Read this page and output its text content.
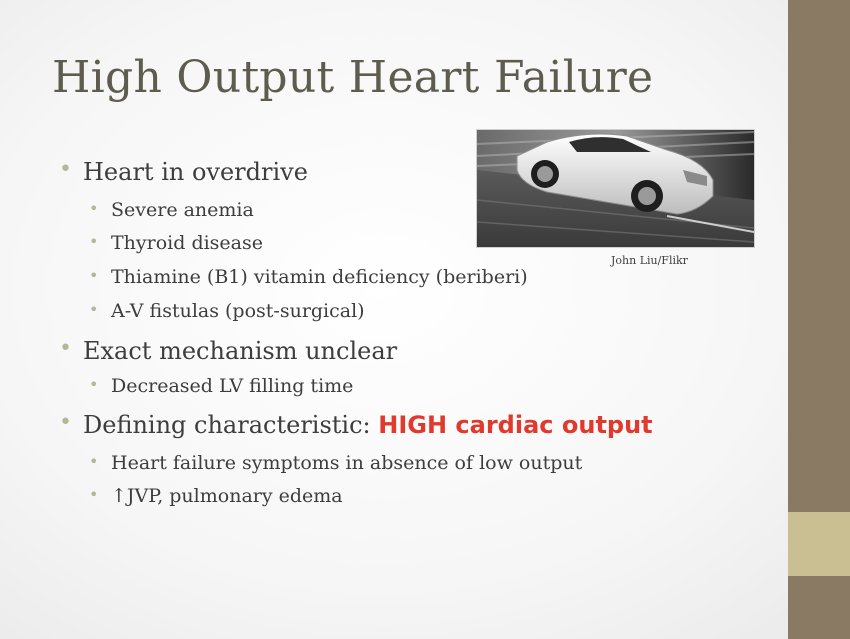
High Output Heart Failure
• Heart in overdrive
• Severe anemia
• Thyroid disease
• Thiamine (B1) vitamin deficiency (beriberi)
• A-V fistulas (post-surgical)
• Exact mechanism unclear
• Decreased LV filling time
• Defining characteristic: HIGH cardiac output
• Heart failure symptoms in absence of low output
• ↑JVP, pulmonary edema
John Liu/Flikr
